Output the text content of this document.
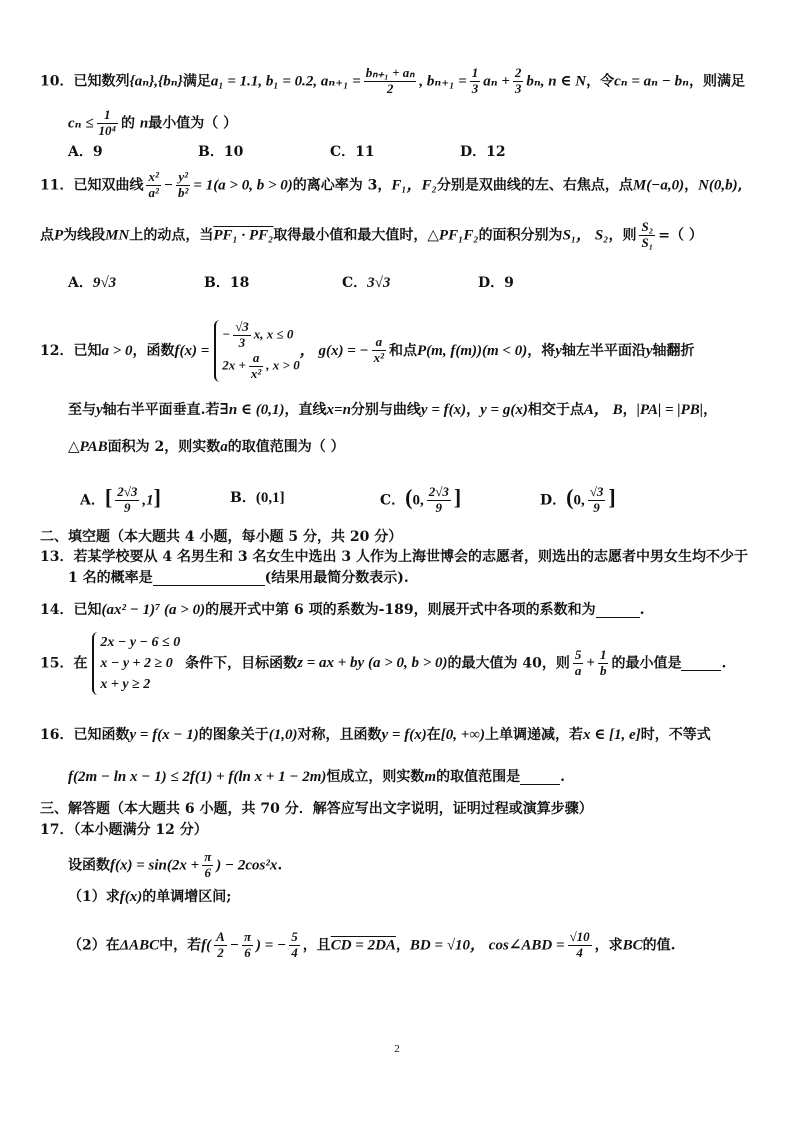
10．已知数列{aₙ},{bₙ}满足a₁ = 1.1, b₁ = 0.2, $a_{n+1} = \frac{\text{bₙ₊₁ + aₙ}}{2}$ , $b_{n+1} = \frac{1}{3}$ $a_n + \frac{2}{3} b_n$, n ∈ N，令cₙ = aₙ − bₙ，则满足
$c_n \le \frac{1}{\text{10⁴}}$ 的 n最小值为（ ）
A．9	B．10	C．11	D．12
11．已知双曲线 $\frac{\text{x²}}{\text{a²}} - \frac{\text{y²}}{\text{b²}} = 1(a > 0$, b > 0)的离心率为 3，F₁，F₂分别是双曲线的左、右焦点，点M(−a,0)，N(0,b),
点P为线段MN上的动点，当PF₁ · PF₂取得最小值和最大值时，△PF₁F₂的面积分别为S₁， S₂，则 $\frac{\text{S₂}}{\text{S₁}}$ =（ ）
A．9√3	B．18	C．3√3	D．9
12．已知a > 0，函数f(x) =
− $\frac{√3}{3} x$, x ≤ 0
$2x + \frac{a}{\text{x²}}$ , x > 0
， g(x) = − $\frac{a}{\text{x²}}$ 和点P(m, f(m))(m < 0)，将y轴左半平面沿y轴翻折
至与y轴右半平面垂直.若∃n ∈ (0,1)，直线x=n分别与曲线y = f(x)，y = g(x)相交于点A， B，|PA| = |PB|，
△PAB面积为 2，则实数a的取值范围为（ ）
A．[ $\frac{2√3}{9} ,1$]	B．(0,1]	C．(0, $\frac{2√3}{9}$ ]	D．(0, $\frac{√3}{9}$ ]
二、填空题（本大题共 4 小题，每小题 5 分，共 20 分）
13．若某学校要从 4 名男生和 3 名女生中选出 3 人作为上海世博会的志愿者，则选出的志愿者中男女生均不少于
1 名的概率是	(结果用最简分数表示).
14．已知(ax² − 1)⁷ (a > 0)的展开式中第 6 项的系数为-189，则展开式中各项的系数和为	.
15．在
2x − y − 6 ≤ 0
x − y + 2 ≥ 0
x + y ≥ 2
条件下，目标函数z = ax + by (a > 0, b > 0)的最大值为 40，则 $\frac{5}{a} + \frac{1}{b}$ 的最小值是	.
16．已知函数y = f(x − 1)的图象关于(1,0)对称，且函数y = f(x)在[0, +∞)上单调递减，若x ∈ [1, e]时，不等式
f(2m − ln x − 1) ≤ 2f(1) + f(ln x + 1 − 2m)恒成立，则实数m的取值范围是	.
三、解答题（本大题共 6 小题，共 70 分．解答应写出文字说明，证明过程或演算步骤）
17．（本小题满分 12 分）
设函数$f(x) = \sin(2x + \frac{\pi}{6}$ ) − 2cos²x.
（1）求f(x)的单调增区间;
（2）在ΔABC中，若$f( \frac{A}{2} - \frac{\pi}{6}$ ) = − $\frac{5}{4}$ ，且CD = 2DA，BD = √10， cos∠ABD = $\frac{√10}{4}$ ，求BC的值.
2
